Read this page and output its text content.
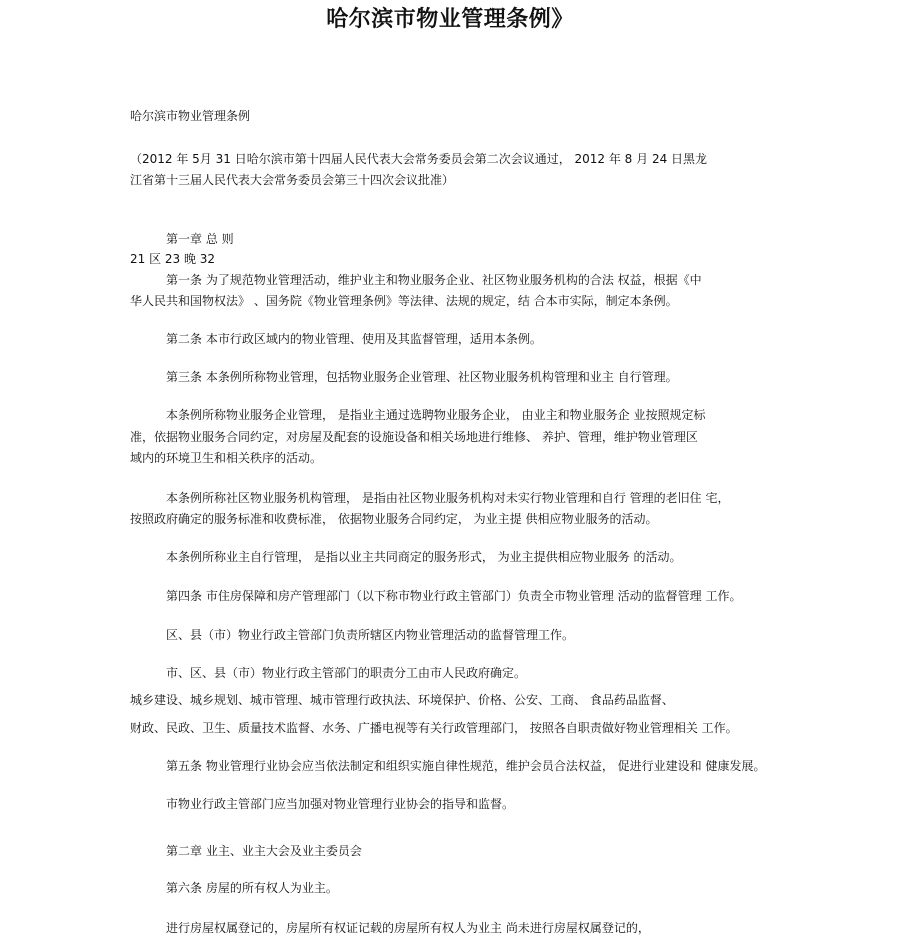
哈尔滨市物业管理条例》
哈尔滨市物业管理条例
（2012 年 5月 31 日哈尔滨市第十四届人民代表大会常务委员会第二次会议通过， 2012 年 8 月 24 日黑龙
江省第十三届人民代表大会常务委员会第三十四次会议批准）
第一章 总 则
21 区 23 晚 32
第一条 为了规范物业管理活动，维护业主和物业服务企业、社区物业服务机构的合法 权益，根据《中
华人民共和国物权法》 、国务院《物业管理条例》等法律、法规的规定，结 合本市实际，制定本条例。
第二条 本市行政区域内的物业管理、使用及其监督管理，适用本条例。
第三条 本条例所称物业管理，包括物业服务企业管理、社区物业服务机构管理和业主 自行管理。
本条例所称物业服务企业管理， 是指业主通过选聘物业服务企业， 由业主和物业服务企 业按照规定标
准，依据物业服务合同约定，对房屋及配套的设施设备和相关场地进行维修、 养护、管理，维护物业管理区
域内的环境卫生和相关秩序的活动。
本条例所称社区物业服务机构管理， 是指由社区物业服务机构对未实行物业管理和自行 管理的老旧住 宅，
按照政府确定的服务标准和收费标准， 依据物业服务合同约定， 为业主提 供相应物业服务的活动。
本条例所称业主自行管理， 是指以业主共同商定的服务形式， 为业主提供相应物业服务 的活动。
第四条 市住房保障和房产管理部门（以下称市物业行政主管部门）负责全市物业管理 活动的监督管理 工作。
区、县（市）物业行政主管部门负责所辖区内物业管理活动的监督管理工作。
市、区、县（市）物业行政主管部门的职责分工由市人民政府确定。
城乡建设、城乡规划、城市管理、城市管理行政执法、环境保护、价格、公安、工商、 食品药品监督、
财政、民政、卫生、质量技术监督、水务、广播电视等有关行政管理部门， 按照各自职责做好物业管理相关 工作。
第五条 物业管理行业协会应当依法制定和组织实施自律性规范，维护会员合法权益， 促进行业建设和 健康发展。
市物业行政主管部门应当加强对物业管理行业协会的指导和监督。
第二章 业主、业主大会及业主委员会
第六条 房屋的所有权人为业主。
进行房屋权属登记的，房屋所有权证记载的房屋所有权人为业主 尚未进行房屋权属登记的，
